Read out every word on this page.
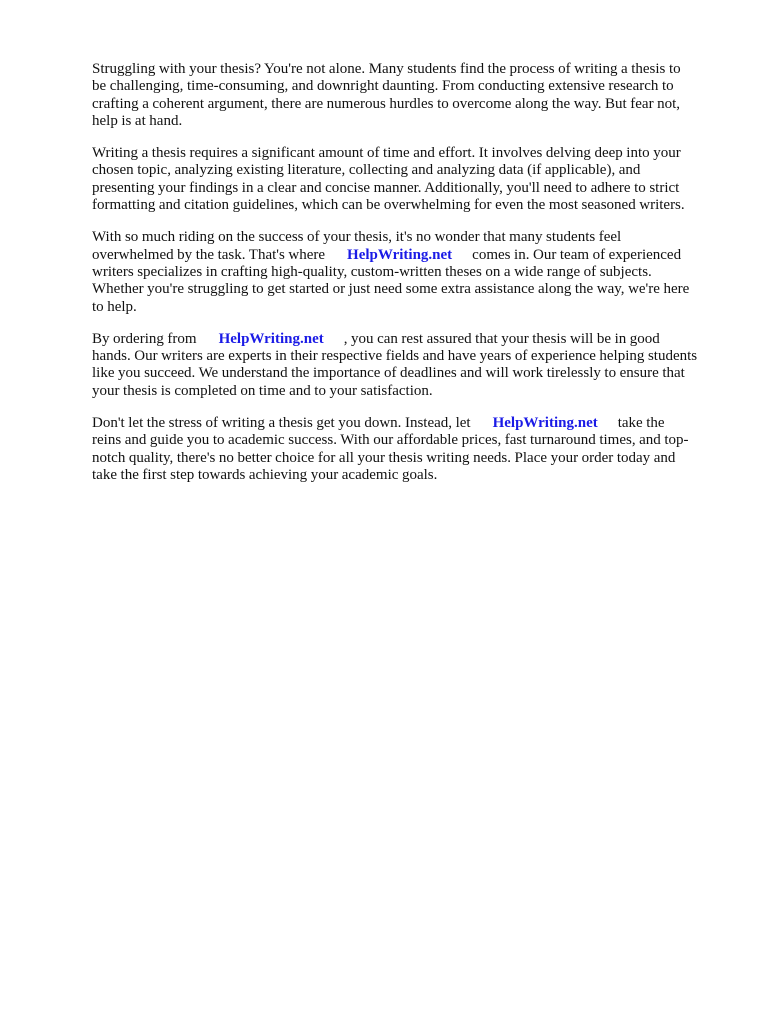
Struggling with your thesis? You're not alone. Many students find the process of writing a thesis to
be challenging, time-consuming, and downright daunting. From conducting extensive research to
crafting a coherent argument, there are numerous hurdles to overcome along the way. But fear not,
help is at hand.

Writing a thesis requires a significant amount of time and effort. It involves delving deep into your
chosen topic, analyzing existing literature, collecting and analyzing data (if applicable), and
presenting your findings in a clear and concise manner. Additionally, you'll need to adhere to strict
formatting and citation guidelines, which can be overwhelming for even the most seasoned writers.

With so much riding on the success of your thesis, it's no wonder that many students feel
overwhelmed by the task. That's where HelpWriting.net comes in. Our team of experienced
writers specializes in crafting high-quality, custom-written theses on a wide range of subjects.
Whether you're struggling to get started or just need some extra assistance along the way, we're here
to help.

By ordering from HelpWriting.net , you can rest assured that your thesis will be in good
hands. Our writers are experts in their respective fields and have years of experience helping students
like you succeed. We understand the importance of deadlines and will work tirelessly to ensure that
your thesis is completed on time and to your satisfaction.

Don't let the stress of writing a thesis get you down. Instead, let HelpWriting.net take the
reins and guide you to academic success. With our affordable prices, fast turnaround times, and top-
notch quality, there's no better choice for all your thesis writing needs. Place your order today and
take the first step towards achieving your academic goals.
